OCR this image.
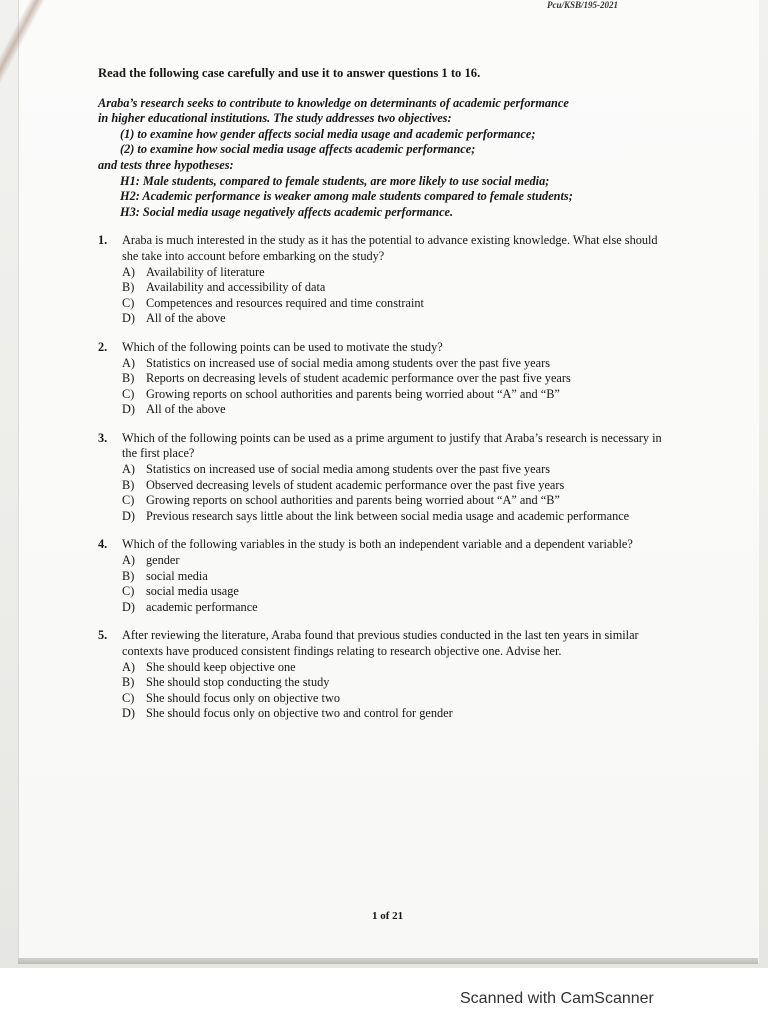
Pcu/KSB/195-2021
Read the following case carefully and use it to answer questions 1 to 16.
Araba’s research seeks to contribute to knowledge on determinants of academic performance
in higher educational institutions. The study addresses two objectives:
(1) to examine how gender affects social media usage and academic performance;
(2) to examine how social media usage affects academic performance;
and tests three hypotheses:
H1: Male students, compared to female students, are more likely to use social media;
H2: Academic performance is weaker among male students compared to female students;
H3: Social media usage negatively affects academic performance.
1. Araba is much interested in the study as it has the potential to advance existing knowledge. What else should she take into account before embarking on the study?
A) Availability of literature
B) Availability and accessibility of data
C) Competences and resources required and time constraint
D) All of the above
2. Which of the following points can be used to motivate the study?
A) Statistics on increased use of social media among students over the past five years
B) Reports on decreasing levels of student academic performance over the past five years
C) Growing reports on school authorities and parents being worried about “A” and “B”
D) All of the above
3. Which of the following points can be used as a prime argument to justify that Araba’s research is necessary in the first place?
A) Statistics on increased use of social media among students over the past five years
B) Observed decreasing levels of student academic performance over the past five years
C) Growing reports on school authorities and parents being worried about “A” and “B”
D) Previous research says little about the link between social media usage and academic performance
4. Which of the following variables in the study is both an independent variable and a dependent variable?
A) gender
B) social media
C) social media usage
D) academic performance
5. After reviewing the literature, Araba found that previous studies conducted in the last ten years in similar contexts have produced consistent findings relating to research objective one. Advise her.
A) She should keep objective one
B) She should stop conducting the study
C) She should focus only on objective two
D) She should focus only on objective two and control for gender
1 of 21
Scanned with CamScanner
